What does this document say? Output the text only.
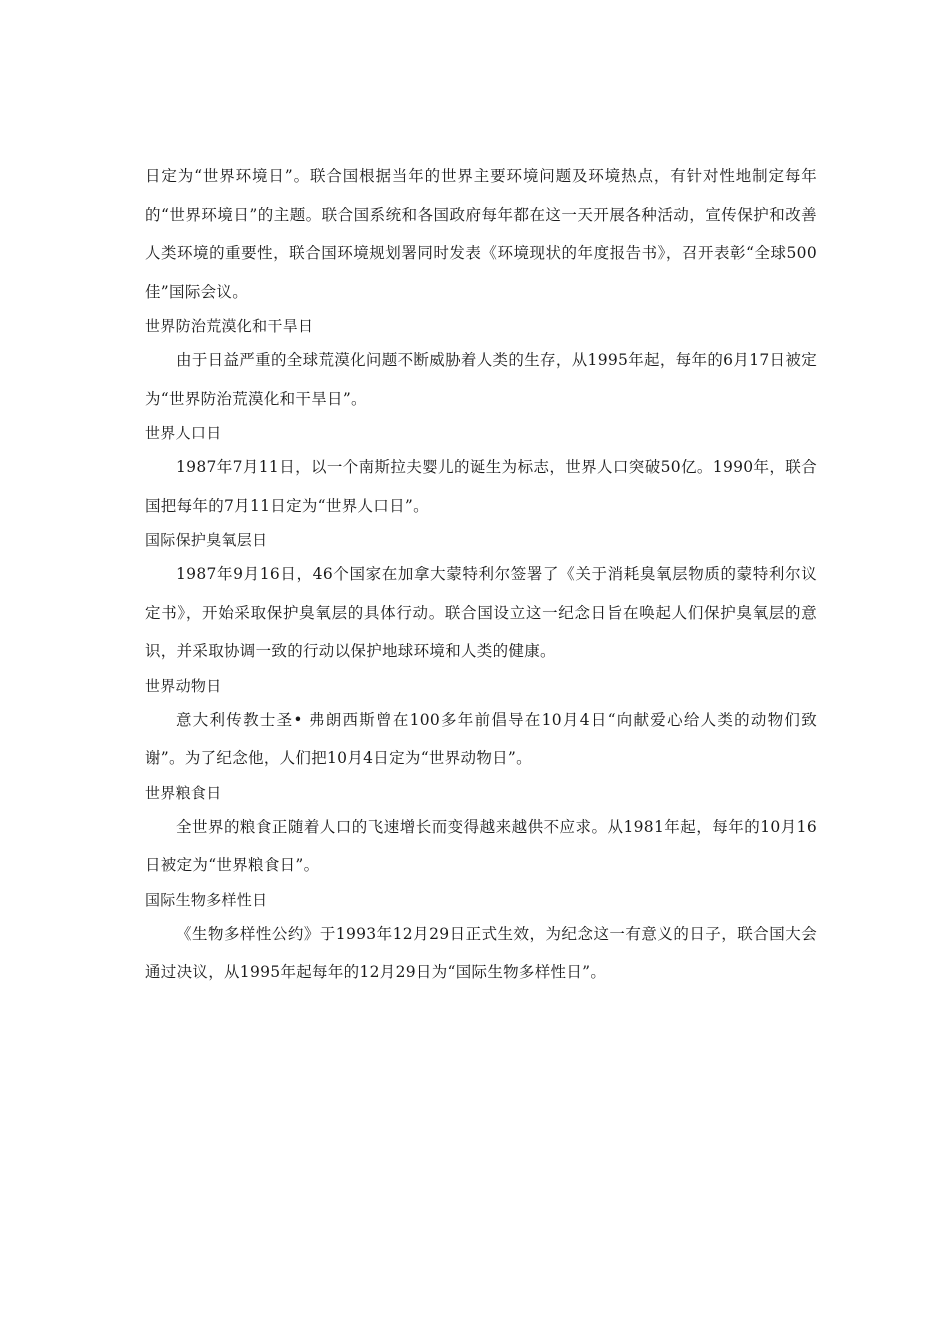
日定为“世界环境日”。联合国根据当年的世界主要环境问题及环境热点，有针对性地制定每年的“世界环境日”的主题。联合国系统和各国政府每年都在这一天开展各种活动，宣传保护和改善人类环境的重要性，联合国环境规划署同时发表《环境现状的年度报告书》，召开表彰“全球500佳”国际会议。

世界防治荒漠化和干旱日

由于日益严重的全球荒漠化问题不断威胁着人类的生存，从1995年起，每年的6月17日被定为“世界防治荒漠化和干旱日”。

世界人口日

1987年7月11日，以一个南斯拉夫婴儿的诞生为标志，世界人口突破50亿。1990年，联合国把每年的7月11日定为“世界人口日”。

国际保护臭氧层日

1987年9月16日，46个国家在加拿大蒙特利尔签署了《关于消耗臭氧层物质的蒙特利尔议定书》，开始采取保护臭氧层的具体行动。联合国设立这一纪念日旨在唤起人们保护臭氧层的意识，并采取协调一致的行动以保护地球环境和人类的健康。

世界动物日

意大利传教士圣• 弗朗西斯曾在100多年前倡导在10月4日“向献爱心给人类的动物们致谢”。为了纪念他，人们把10月4日定为“世界动物日”。

世界粮食日

全世界的粮食正随着人口的飞速增长而变得越来越供不应求。从1981年起，每年的10月16日被定为“世界粮食日”。

国际生物多样性日

《生物多样性公约》于1993年12月29日正式生效，为纪念这一有意义的日子，联合国大会通过决议，从1995年起每年的12月29日为“国际生物多样性日”。
